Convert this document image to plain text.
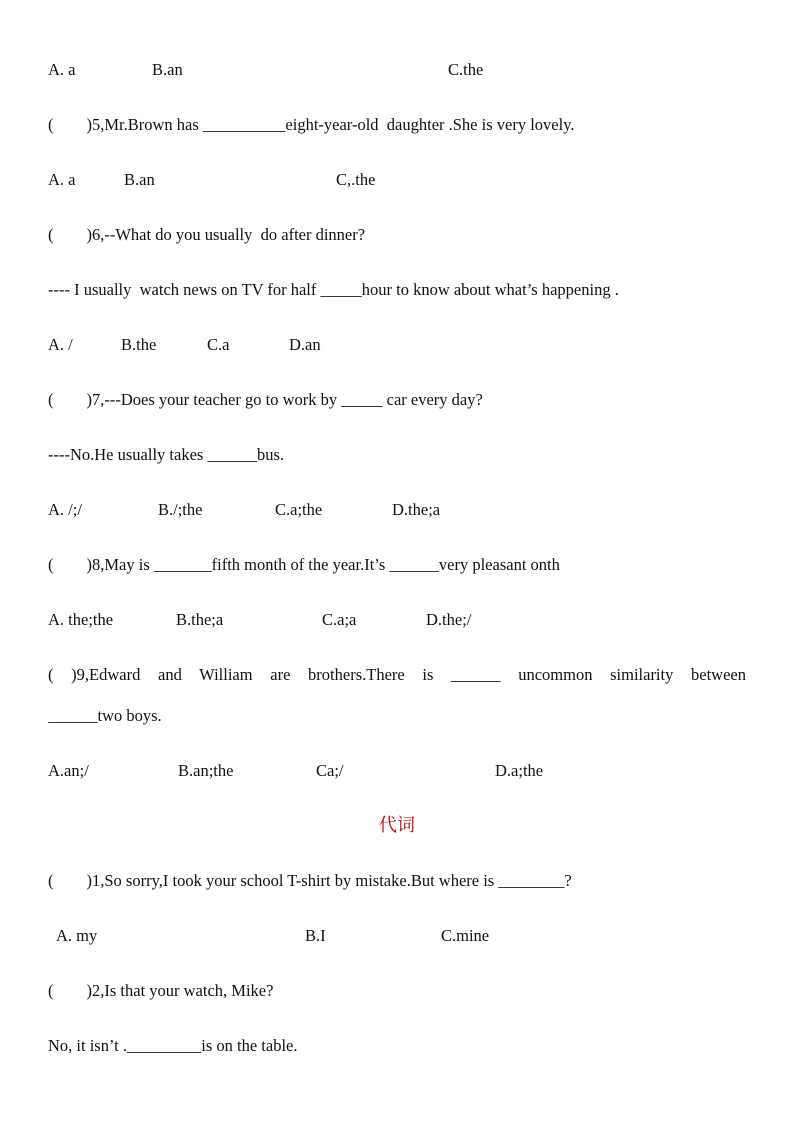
A. a	B.an	C.the
(        )5,Mr.Brown has __________eight-year-old  daughter .She is very lovely.
A. a	B.an	C,.the
(        )6,--What do you usually  do after dinner?
---- I usually  watch news on TV for half _____hour to know about what’s happening .
A. /	B.the	C.a	D.an
(        )7,---Does your teacher go to work by _____ car every day?
----No.He usually takes ______bus.
A. /;/	B./;the	C.a;the	D.the;a
(        )8,May is _______fifth month of the year.It’s ______very pleasant onth
A. the;the	B.the;a	C.a;a	D.the;/
( )9,Edward and William are brothers.There is ______ uncommon similarity between
______two boys.
A.an;/	B.an;the	Ca;/	D.a;the
代词
(        )1,So sorry,I took your school T-shirt by mistake.But where is ________?
A. my	B.I	C.mine
(        )2,Is that your watch, Mike?
No, it isn’t ._________is on the table.
